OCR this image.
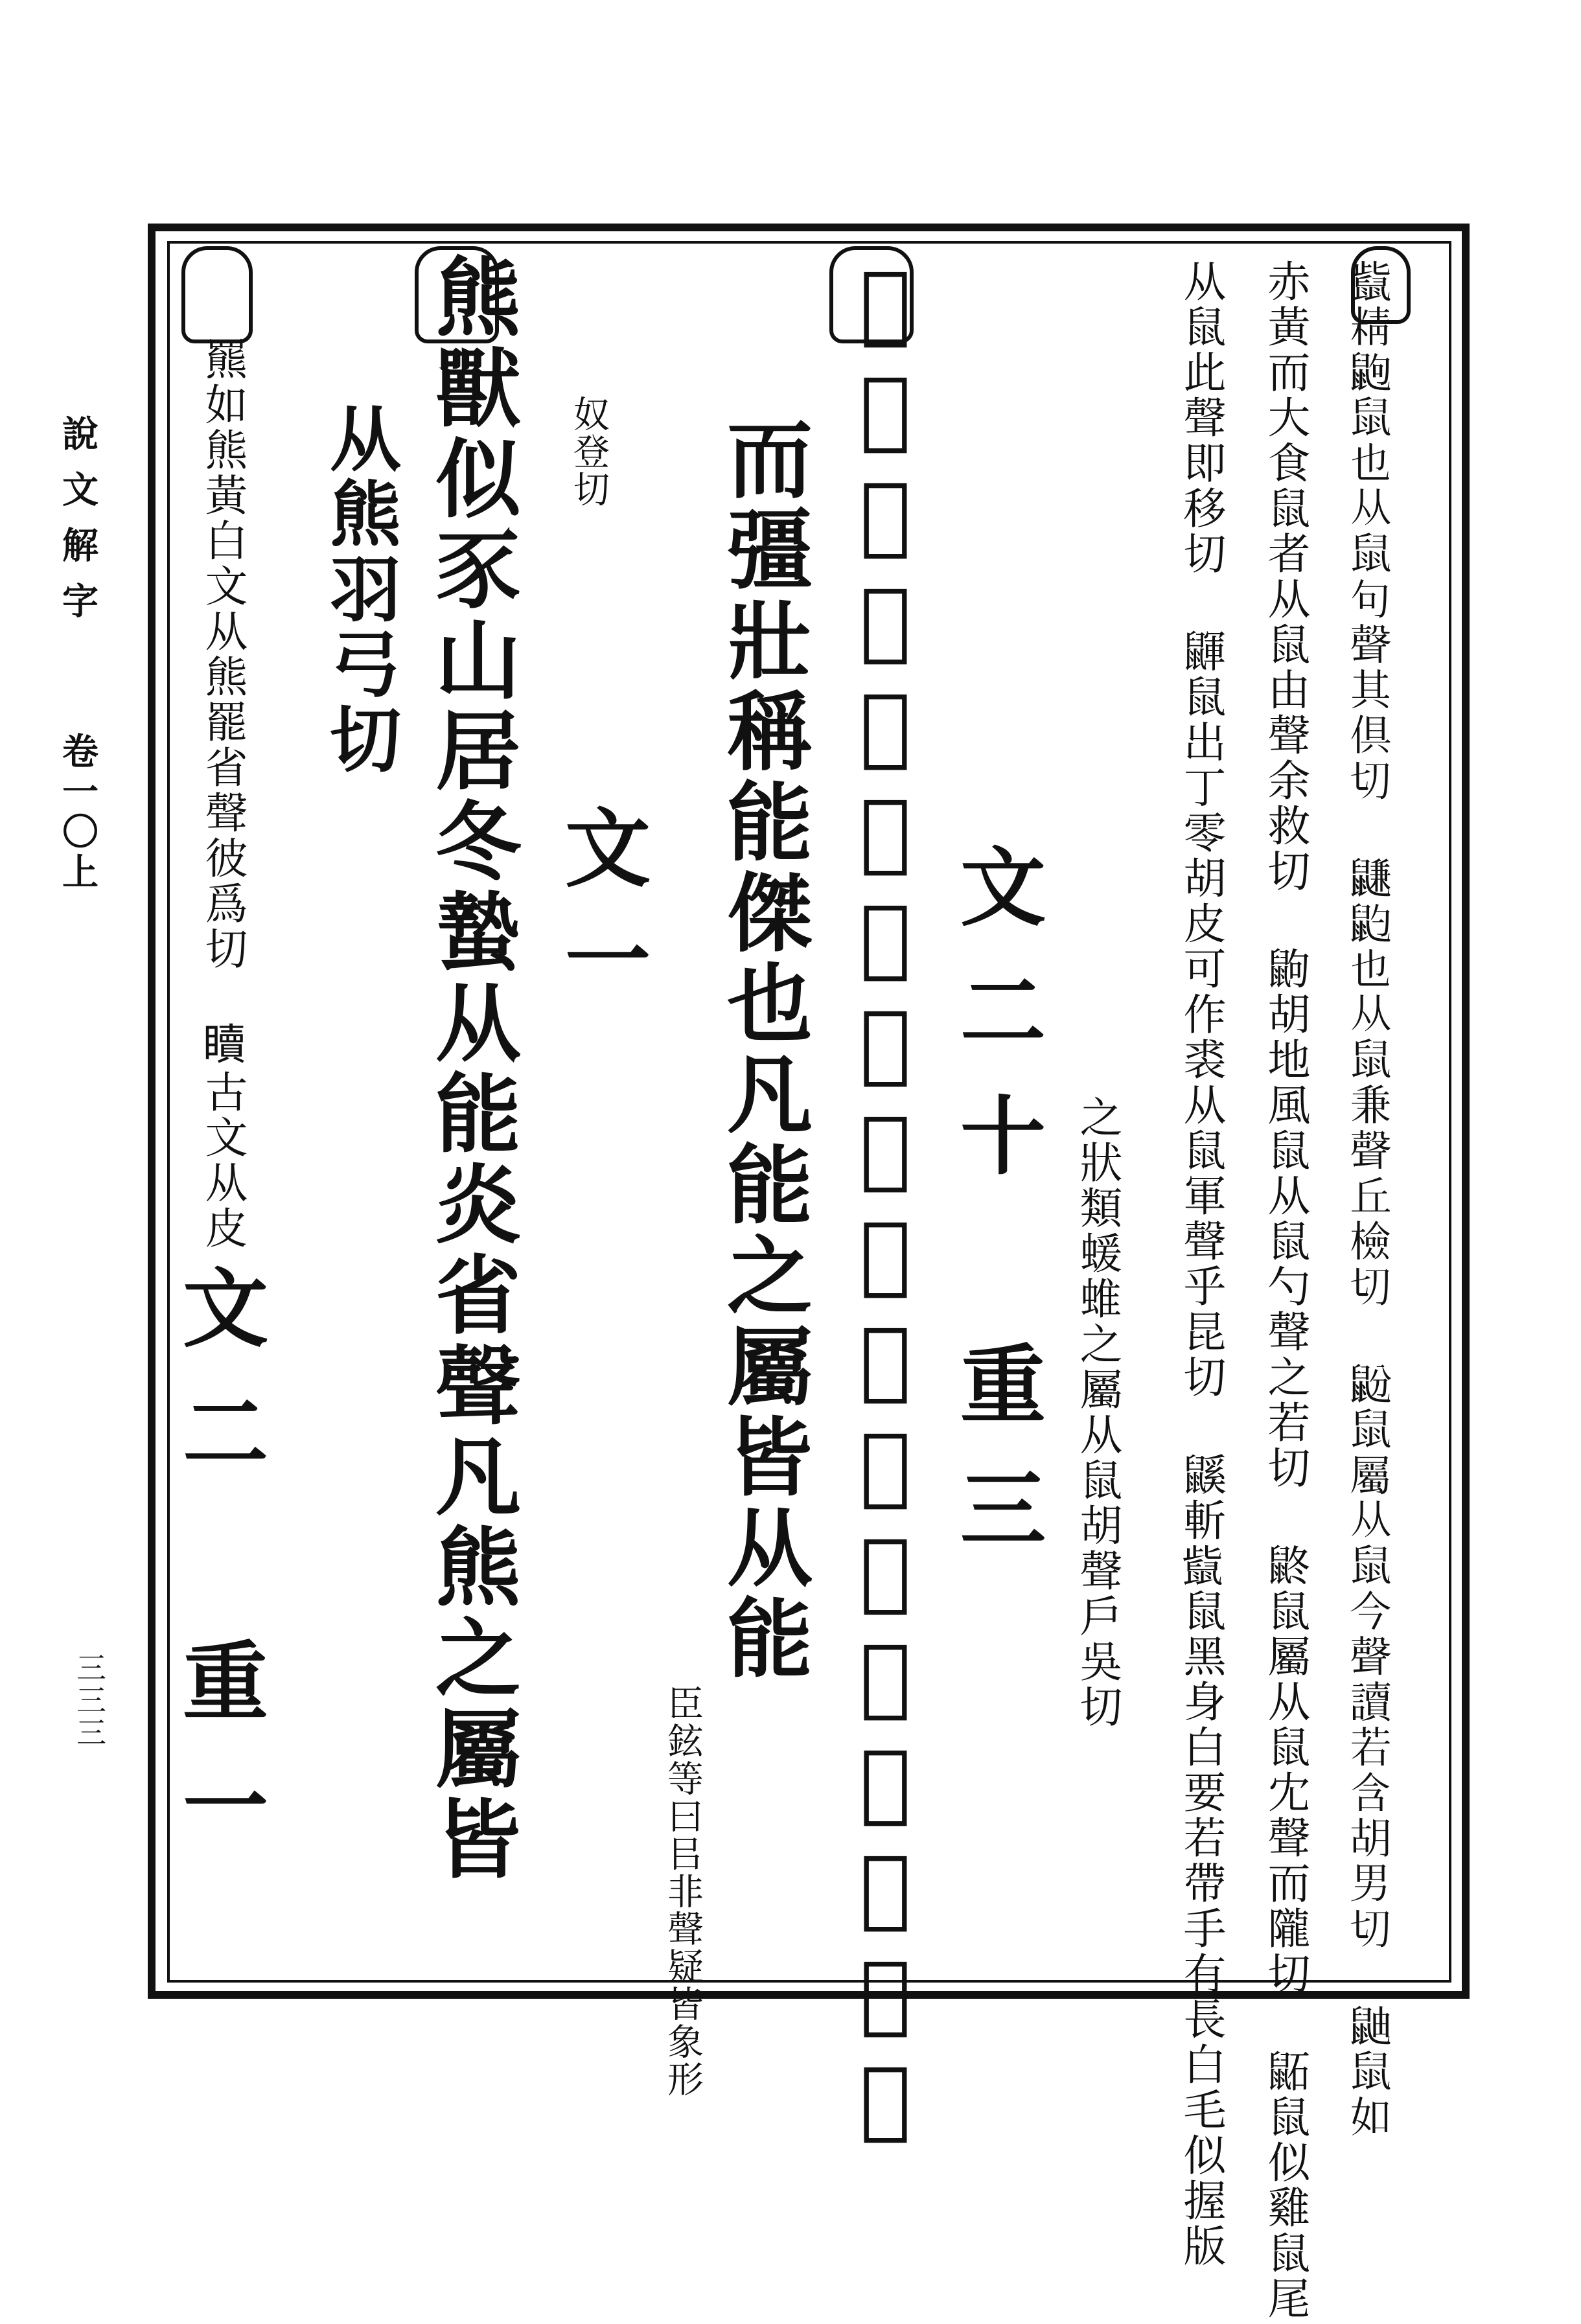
說文解字
卷一〇上
三三三	𪕊精鼩鼠也从鼠句聲其俱切 鼸䶂也从鼠兼聲丘檢切 鼢鼠屬从鼠今聲讀若含胡男切 鼬鼠如
赤黃而大食鼠者从鼠由聲余救切 鼩胡地風鼠从鼠勺聲之若切 鼨鼠屬从鼠冘聲而隴切 鼫鼠似雞鼠尾
从鼠此聲即移切 鼲鼠出丁零胡皮可作裘从鼠軍聲乎昆切 鼷斬𪕊鼠黑身白要若帶手有長白毛似握版
之狀類蝯蜼之屬从鼠胡聲戶吳切
文二十　重三
𦋺熊屬足似鹿从肉㠯聲能獸堅中故稱賢能
而彊壯稱能傑也凡能之屬皆从能
臣鉉等曰㠯非聲疑皆象形
奴登切
文一
熊獸似豕山居冬蟄从能炎省聲凡熊之屬皆
从熊羽弓切
羆如熊黃白文从熊罷省聲彼爲切 𥌚古文从皮
文二　重一
